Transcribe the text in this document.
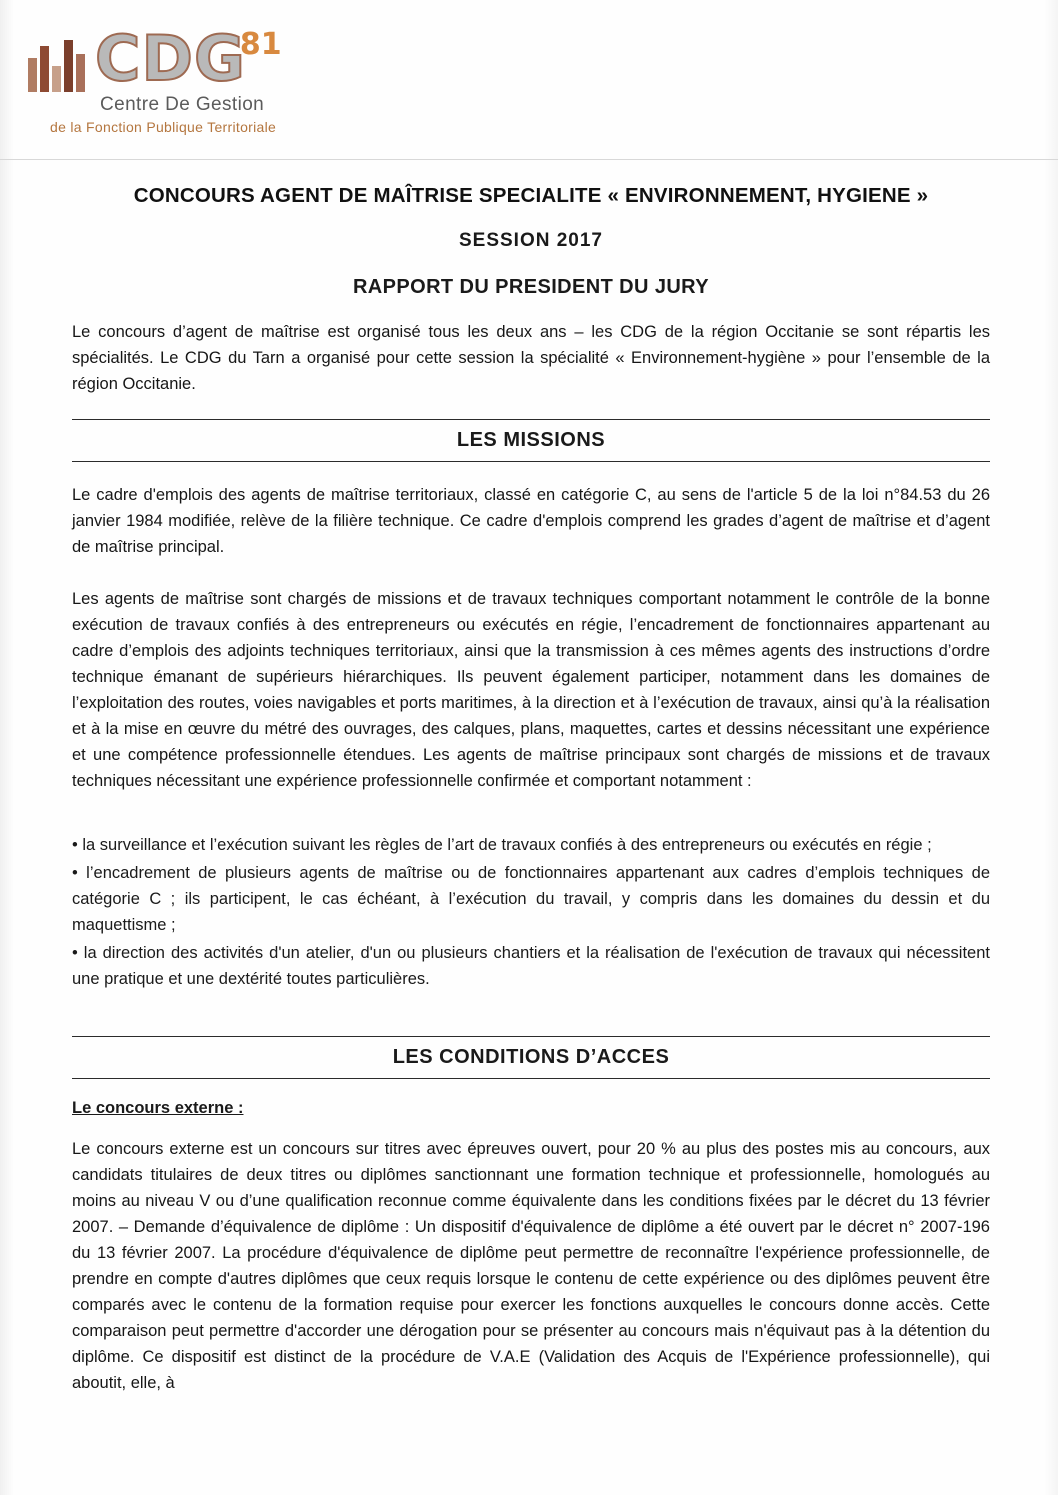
CDG81
Centre De Gestion
de la Fonction Publique Territoriale
CONCOURS AGENT DE MAÎTRISE SPECIALITE « ENVIRONNEMENT, HYGIENE »
SESSION 2017
RAPPORT DU PRESIDENT DU JURY

Le concours d’agent de maîtrise est organisé tous les deux ans – les CDG de la région Occitanie se sont répartis les spécialités. Le CDG du Tarn a organisé pour cette session la spécialité « Environnement-hygiène » pour l’ensemble de la région Occitanie.

LES MISSIONS

Le cadre d'emplois des agents de maîtrise territoriaux, classé en catégorie C, au sens de l'article 5 de la loi n°84.53 du 26 janvier 1984 modifiée, relève de la filière technique. Ce cadre d'emplois comprend les grades d’agent de maîtrise et d’agent de maîtrise principal.

Les agents de maîtrise sont chargés de missions et de travaux techniques comportant notamment le contrôle de la bonne exécution de travaux confiés à des entrepreneurs ou exécutés en régie, l’encadrement de fonctionnaires appartenant au cadre d’emplois des adjoints techniques territoriaux, ainsi que la transmission à ces mêmes agents des instructions d’ordre technique émanant de supérieurs hiérarchiques. Ils peuvent également participer, notamment dans les domaines de l’exploitation des routes, voies navigables et ports maritimes, à la direction et à l’exécution de travaux, ainsi qu’à la réalisation et à la mise en œuvre du métré des ouvrages, des calques, plans, maquettes, cartes et dessins nécessitant une expérience et une compétence professionnelle étendues. Les agents de maîtrise principaux sont chargés de missions et de travaux techniques nécessitant une expérience professionnelle confirmée et comportant notamment :

• la surveillance et l’exécution suivant les règles de l’art de travaux confiés à des entrepreneurs ou exécutés en régie ;

• l’encadrement de plusieurs agents de maîtrise ou de fonctionnaires appartenant aux cadres d’emplois techniques de catégorie C ; ils participent, le cas échéant, à l’exécution du travail, y compris dans les domaines du dessin et du maquettisme ;

• la direction des activités d'un atelier, d'un ou plusieurs chantiers et la réalisation de l'exécution de travaux qui nécessitent une pratique et une dextérité toutes particulières.

LES CONDITIONS D’ACCES
Le concours externe :

Le concours externe est un concours sur titres avec épreuves ouvert, pour 20 % au plus des postes mis au concours, aux candidats titulaires de deux titres ou diplômes sanctionnant une formation technique et professionnelle, homologués au moins au niveau V ou d’une qualification reconnue comme équivalente dans les conditions fixées par le décret du 13 février 2007. – Demande d’équivalence de diplôme : Un dispositif d'équivalence de diplôme a été ouvert par le décret n° 2007-196 du 13 février 2007. La procédure d'équivalence de diplôme peut permettre de reconnaître l'expérience professionnelle, de prendre en compte d'autres diplômes que ceux requis lorsque le contenu de cette expérience ou des diplômes peuvent être comparés avec le contenu de la formation requise pour exercer les fonctions auxquelles le concours donne accès. Cette comparaison peut permettre d'accorder une dérogation pour se présenter au concours mais n'équivaut pas à la détention du diplôme. Ce dispositif est distinct de la procédure de V.A.E (Validation des Acquis de l'Expérience professionnelle), qui aboutit, elle, à
